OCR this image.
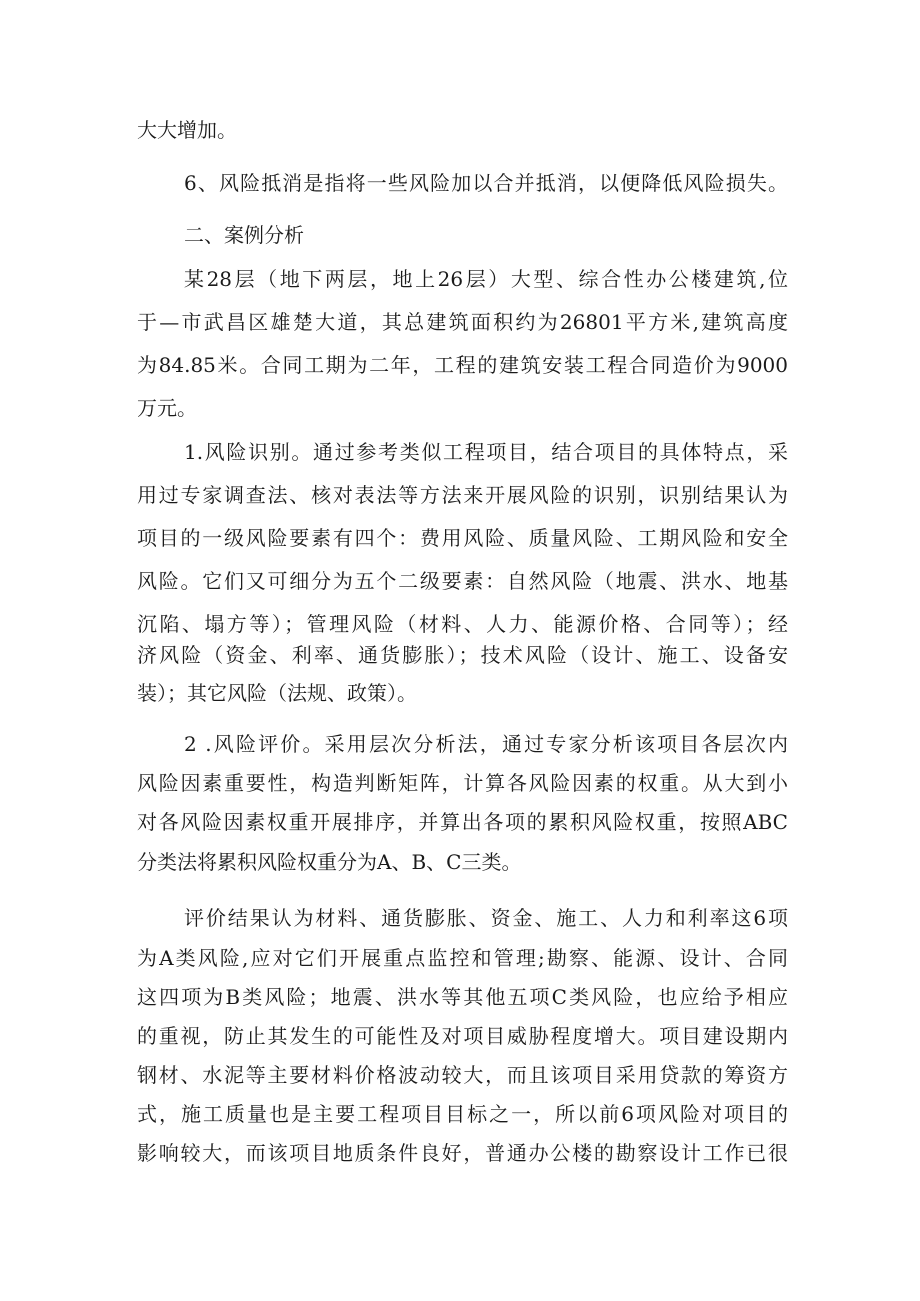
大大增加。
6、风险抵消是指将一些风险加以合并抵消，以便降低风险损失。
二、案例分析
某28层（地下两层，地上26层）大型、综合性办公楼建筑,位
于—市武昌区雄楚大道，其总建筑面积约为26801平方米,建筑高度
为84.85米。合同工期为二年，工程的建筑安装工程合同造价为9000
万元。
1.风险识别。通过参考类似工程项目，结合项目的具体特点，采
用过专家调查法、核对表法等方法来开展风险的识别，识别结果认为
项目的一级风险要素有四个：费用风险、质量风险、工期风险和安全
风险。它们又可细分为五个二级要素：自然风险（地震、洪水、地基
沉陷、塌方等）；管理风险（材料、人力、能源价格、合同等）；经
济风险（资金、利率、通货膨胀）；技术风险（设计、施工、设备安
装）；其它风险（法规、政策）。
2 .风险评价。采用层次分析法，通过专家分析该项目各层次内
风险因素重要性，构造判断矩阵，计算各风险因素的权重。从大到小
对各风险因素权重开展排序，并算出各项的累积风险权重，按照ABC
分类法将累积风险权重分为A、B、C三类。
评价结果认为材料、通货膨胀、资金、施工、人力和利率这6项
为A类风险,应对它们开展重点监控和管理;勘察、能源、设计、合同
这四项为B类风险；地震、洪水等其他五项C类风险，也应给予相应
的重视，防止其发生的可能性及对项目威胁程度增大。项目建设期内
钢材、水泥等主要材料价格波动较大，而且该项目采用贷款的筹资方
式，施工质量也是主要工程项目目标之一，所以前6项风险对项目的
影响较大，而该项目地质条件良好，普通办公楼的勘察设计工作已很
